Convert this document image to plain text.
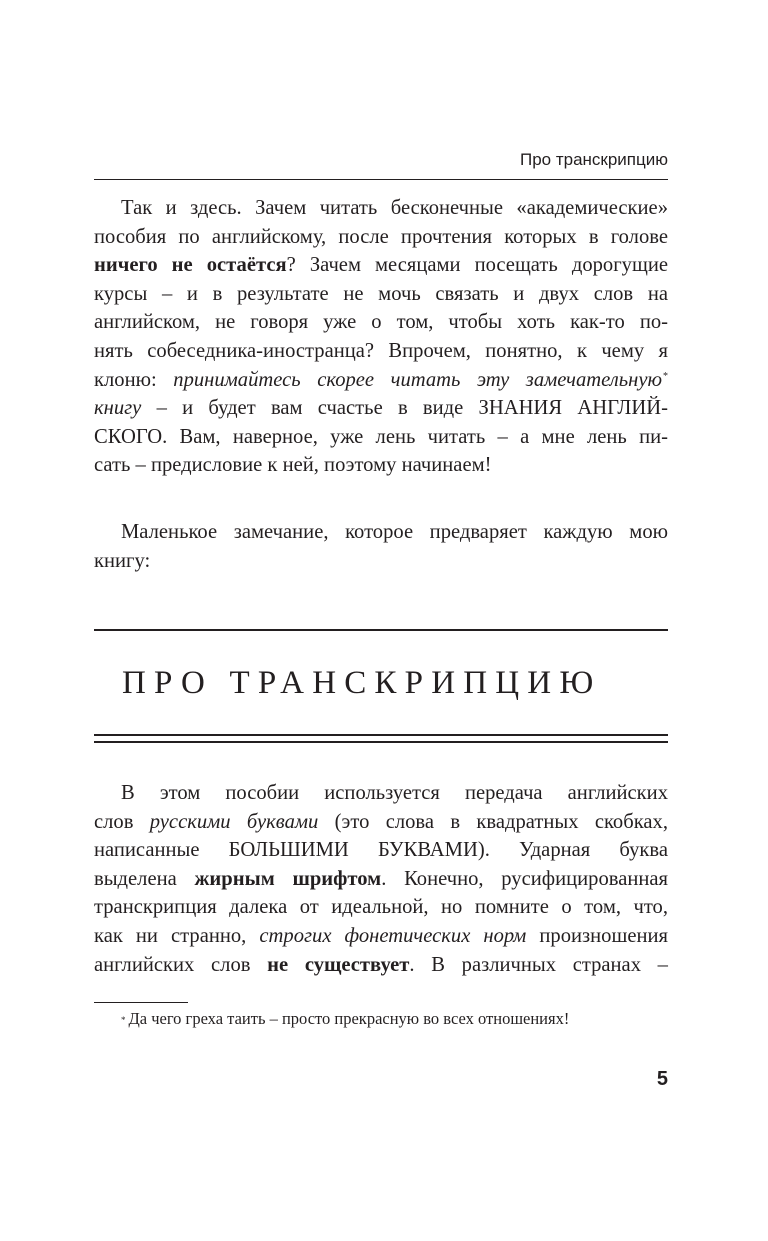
Про транскрипцию
Так и здесь. Зачем читать бесконечные «академические»
пособия по английскому, после прочтения которых в голове
ничего не остаётся? Зачем месяцами посещать дорогущие
курсы – и в результате не мочь связать и двух слов на
английском, не говоря уже о том, чтобы хоть как-то по-
нять собеседника-иностранца? Впрочем, понятно, к чему я
клоню: принимайтесь скорее читать эту замечательную*
книгу – и будет вам счастье в виде ЗНАНИЯ АНГЛИЙ-
СКОГО. Вам, наверное, уже лень читать – а мне лень пи-
сать – предисловие к ней, поэтому начинаем!
Маленькое замечание, которое предваряет каждую мою
книгу:
ПРО ТРАНСКРИПЦИЮ
В этом пособии используется передача английских
слов русскими буквами (это слова в квадратных скобках,
написанные БОЛЬШИМИ БУКВАМИ). Ударная буква
выделена жирным шрифтом. Конечно, русифицированная
транскрипция далека от идеальной, но помните о том, что,
как ни странно, строгих фонетических норм произношения
английских слов не существует. В различных странах –
* Да чего греха таить – просто прекрасную во всех отношениях!
5
